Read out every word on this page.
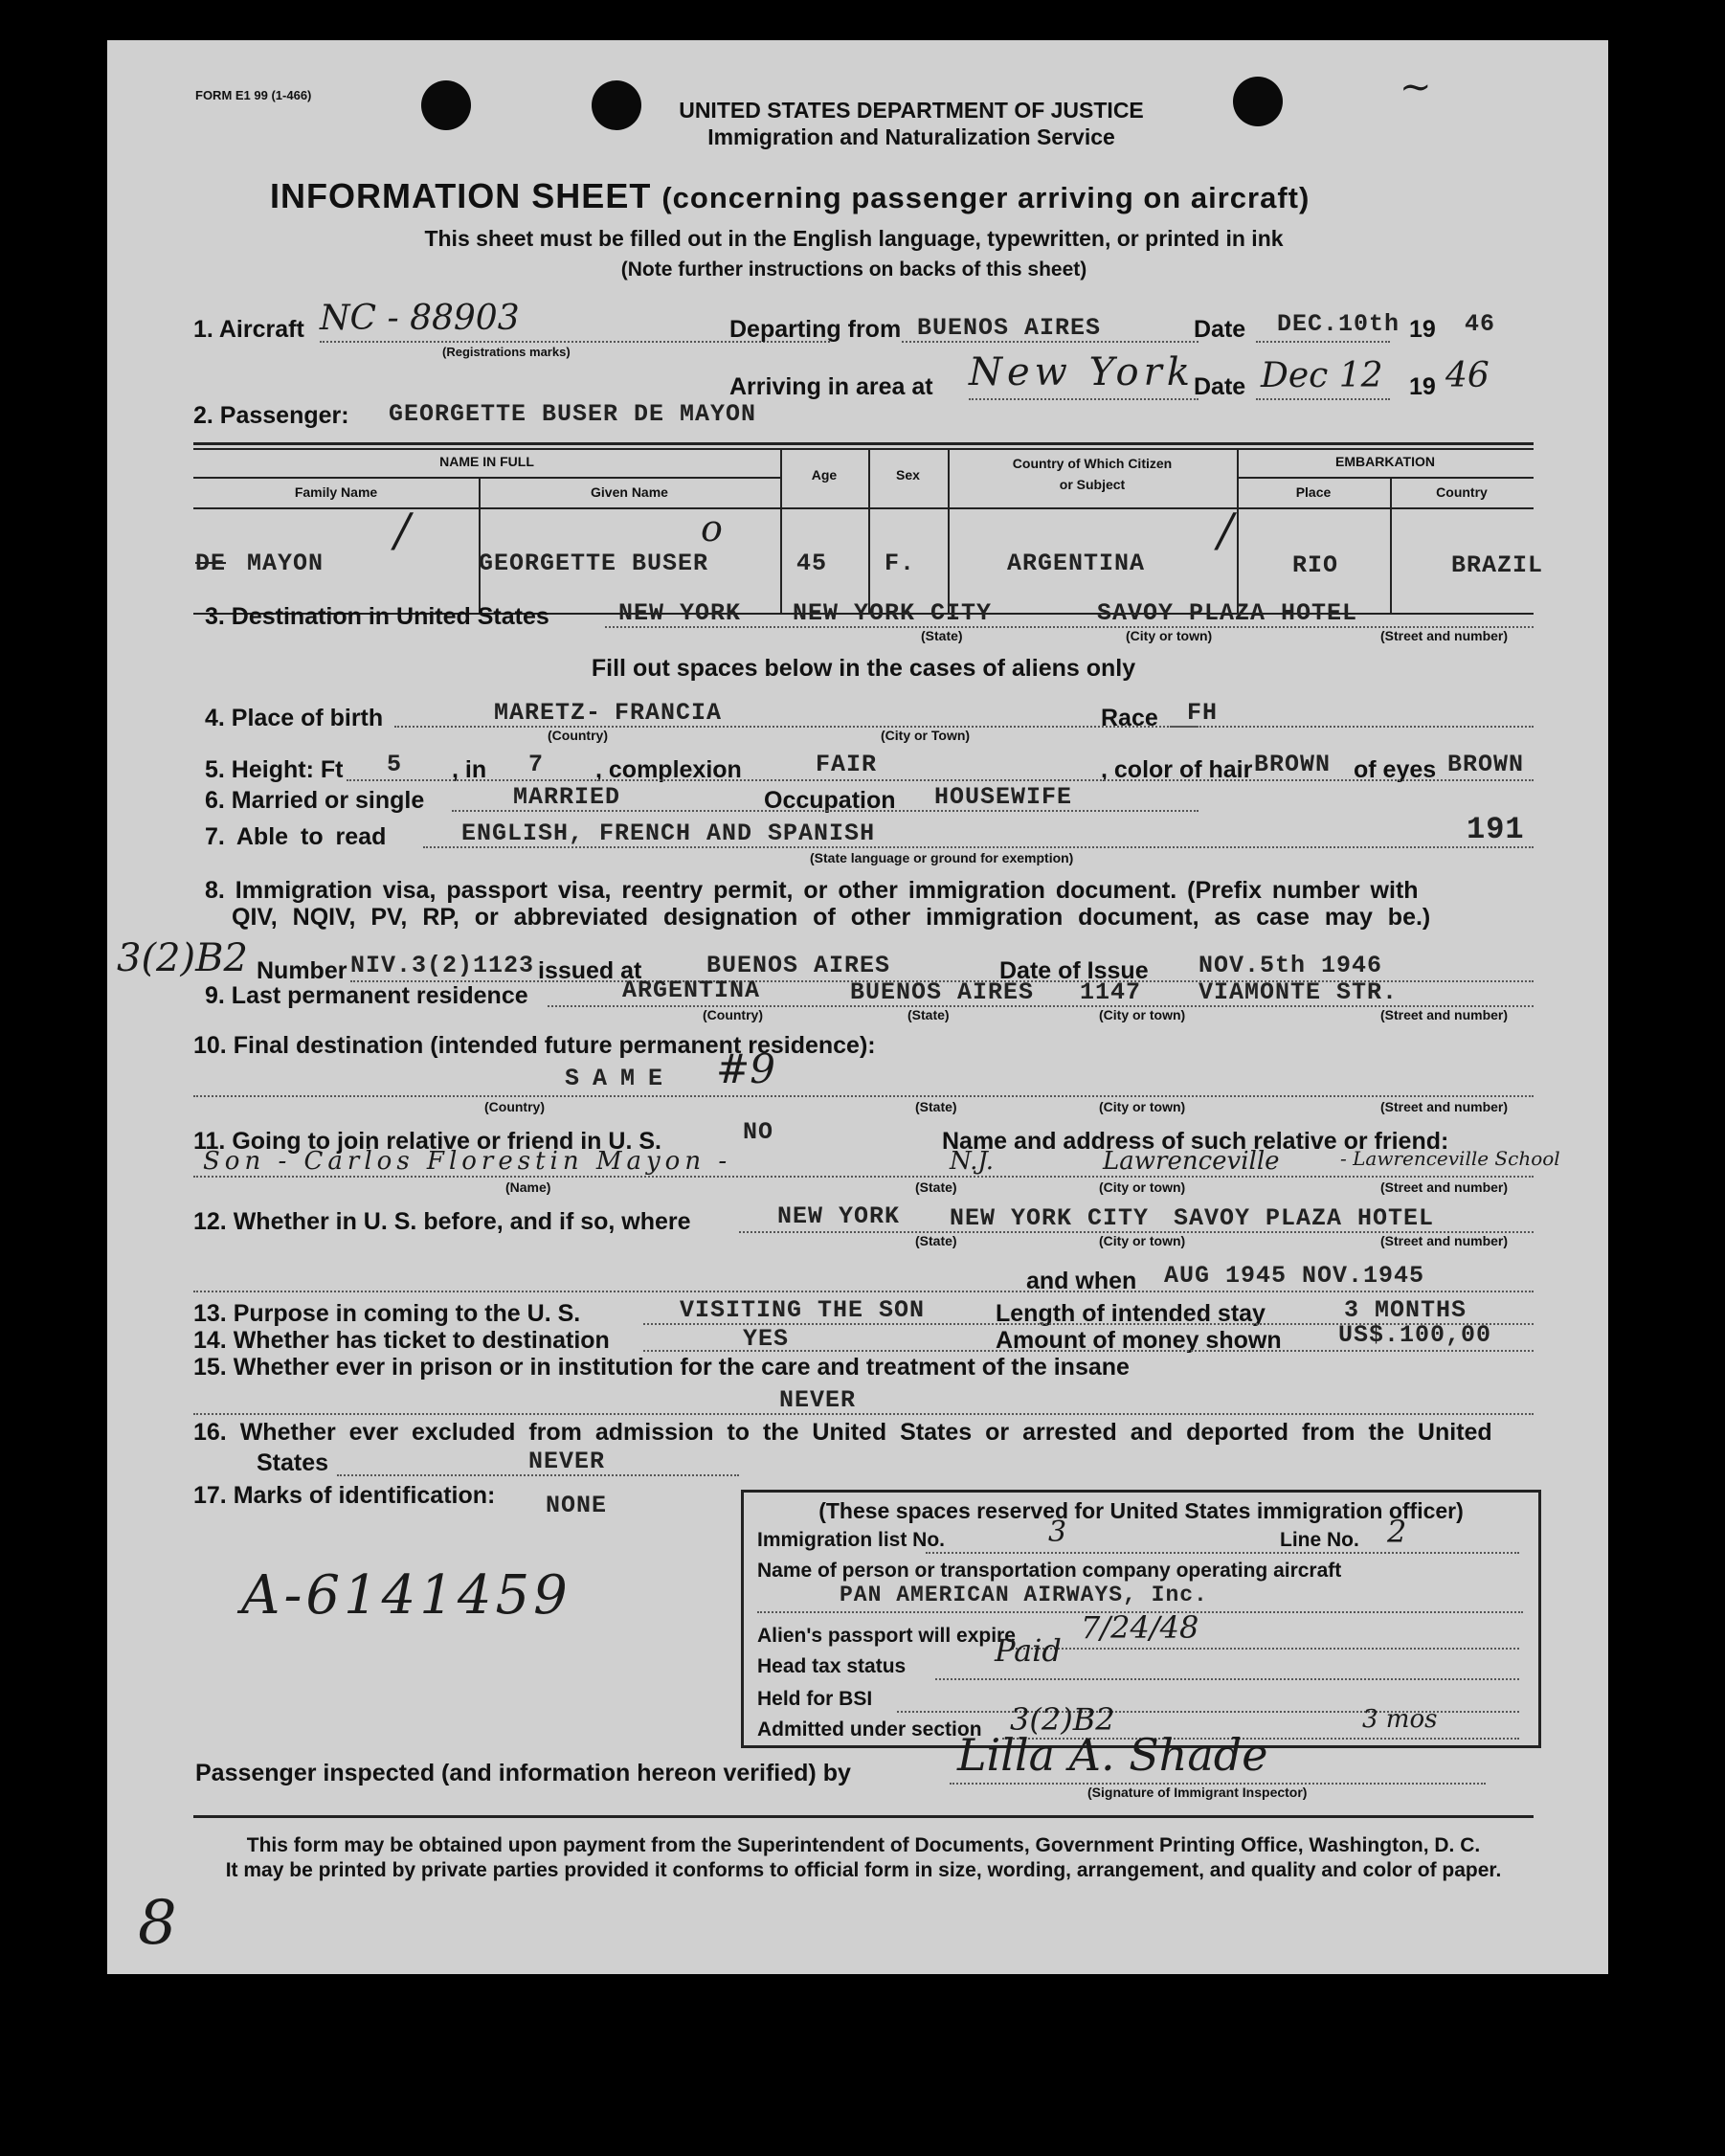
FORM E1 99 (1-466)	~
UNITED STATES DEPARTMENT OF JUSTICE
Immigration and Naturalization Service
INFORMATION SHEET (concerning passenger arriving on aircraft)
This sheet must be filled out in the English language, typewritten, or printed in ink
(Note further instructions on backs of this sheet)
1. Aircraft NC - 88903
(Registrations marks)
Departing from BUENOS AIRES	Date DEC.10th 19 46
Arriving in area at New York Date Dec 12 19 46
2. Passenger: GEORGETTE BUSER DE MAYON
NAME IN FULL
Family Name	Given Name
Age	Sex
Country of Which Citizen
or Subject
EMBARKATION
Place	Country
/	o	/
DE MAYON	GEORGETTE BUSER	45 F.	ARGENTINA	RIO	BRAZIL
3. Destination in United States	NEW YORK NEW YORK CITY	SAVOY PLAZA HOTEL
(State)	(City or town)	(Street and number)
Fill out spaces below in the cases of aliens only
4. Place of birth	MARETZ- FRANCIA
(Country)	(City or Town)
Race FH
5. Height: Ft 5 , in 7 , complexion	FAIR	, color of hair BROWN of eyes BROWN
6. Married or single	MARRIED	Occupation HOUSEWIFE
7. Able to read	ENGLISH, FRENCH AND SPANISH	191
(State language or ground for exemption)
8. Immigration visa, passport visa, reentry permit, or other immigration document. (Prefix number with
QIV, NQIV, PV, RP, or abbreviated designation of other immigration document, as case may be.)
3(2)B2 Number NIV.3(2)1123 issued at	BUENOS AIRES	Date of Issue NOV.5th 1946
9. Last permanent residence	ARGENTINA	BUENOS AIRES 1147 VIAMONTE STR.
(Country)	(State)	(City or town)	(Street and number)
10. Final destination (intended future permanent residence):
SAME #9
(Country)	(State)	(City or town)	(Street and number)
11. Going to join relative or friend in U. S.	NO	Name and address of such relative or friend:
Son - Carlos Florestin Mayon -	N.J.	Lawrenceville	- Lawrenceville School
(Name)	(State)	(City or town)	(Street and number)
12. Whether in U. S. before, and if so, where	NEW YORK NEW YORK CITY SAVOY PLAZA HOTEL
(State)	(City or town)	(Street and number)
and when AUG 1945 NOV.1945
13. Purpose in coming to the U. S.	VISITING THE SON	Length of intended stay	3 MONTHS
14. Whether has ticket to destination	YES	Amount of money shown US$.100,00
15. Whether ever in prison or in institution for the care and treatment of the insane
NEVER
16. Whether ever excluded from admission to the United States or arrested and deported from the United
States	NEVER
17. Marks of identification: NONE
A-6141459
(These spaces reserved for United States immigration officer)
Immigration list No.	3	Line No. 2
Name of person or transportation company operating aircraft
PAN AMERICAN AIRWAYS, Inc.
Alien's passport will expire 7/24/48
Head tax status	Paid
Held for BSI
Admitted under section 3(2)B2	3 mos
Passenger inspected (and information hereon verified) by Lilla A. Shade
(Signature of Immigrant Inspector)
This form may be obtained upon payment from the Superintendent of Documents, Government Printing Office, Washington, D. C.
It may be printed by private parties provided it conforms to official form in size, wording, arrangement, and quality and color of paper.
8
